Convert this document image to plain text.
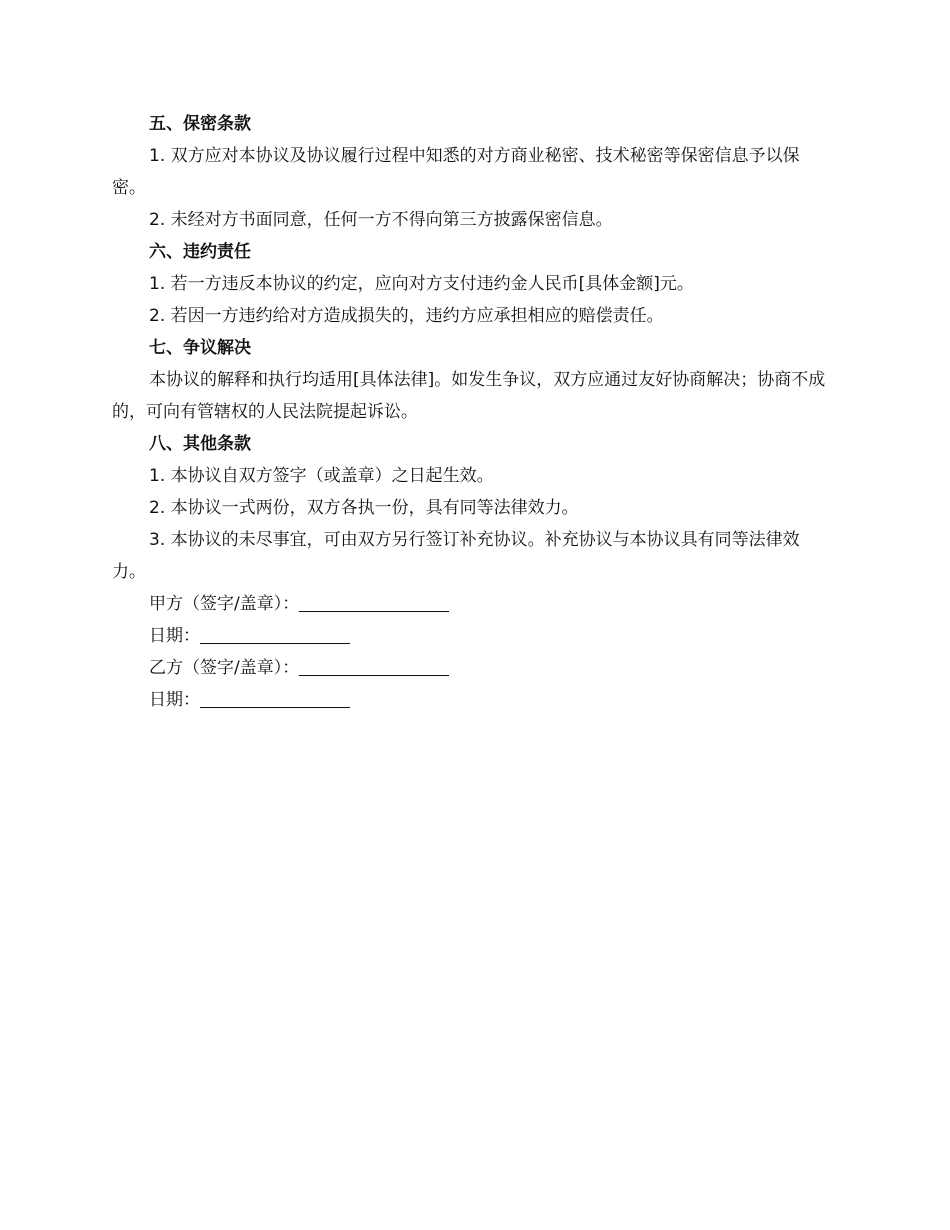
五、保密条款

1. 双方应对本协议及协议履行过程中知悉的对方商业秘密、技术秘密等保密信息予以保密。

2. 未经对方书面同意，任何一方不得向第三方披露保密信息。

六、违约责任

1. 若一方违反本协议的约定，应向对方支付违约金人民币[具体金额]元。

2. 若因一方违约给对方造成损失的，违约方应承担相应的赔偿责任。

七、争议解决

本协议的解释和执行均适用[具体法律]。如发生争议，双方应通过友好协商解决；协商不成的，可向有管辖权的人民法院提起诉讼。

八、其他条款

1. 本协议自双方签字（或盖章）之日起生效。

2. 本协议一式两份，双方各执一份，具有同等法律效力。

3. 本协议的未尽事宜，可由双方另行签订补充协议。补充协议与本协议具有同等法律效力。

甲方（签字/盖章）：

日期：

乙方（签字/盖章）：

日期：
